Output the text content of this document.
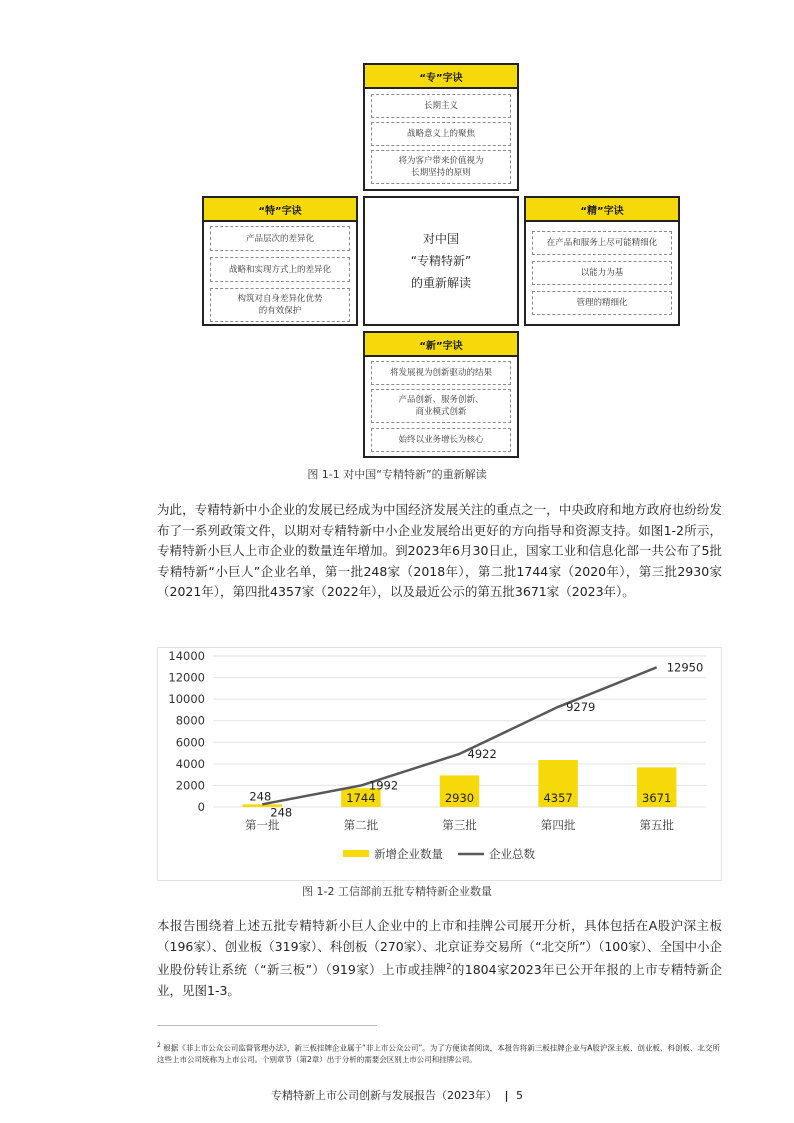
“专”字诀
长期主义
战略意义上的聚焦
将为客户带来价值视为
长期坚持的原则
“特”字诀
产品层次的差异化
战略和实现方式上的差异化
构筑对自身差异化优势
的有效保护
对中国
“专精特新”
的重新解读
“精”字诀
在产品和服务上尽可能精细化
以能力为基
管理的精细化
“新”字诀
将发展视为创新驱动的结果
产品创新、服务创新、
商业模式创新
始终以业务增长为核心
图 1-1 对中国“专精特新”的重新解读
为此，专精特新中小企业的发展已经成为中国经济发展关注的重点之一，中央政府和地方政府也纷纷发布了一系列政策文件，以期对专精特新中小企业发展给出更好的方向指导和资源支持。如图1-2所示，专精特新小巨人上市企业的数量连年增加。到2023年6月30日止，国家工业和信息化部一共公布了5批专精特新“小巨人”企业名单，第一批248家（2018年），第二批1744家（2020年），第三批2930家（2021年），第四批4357家（2022年），以及最近公示的第五批3671家（2023年）。
0
2000
4000
6000
8000
10000
12000
14000
248	1744	2930	4357	3671
248
1992
4922
9279
12950
第一批	第二批	第三批	第四批	第五批
新增企业数量	企业总数
图 1-2 工信部前五批专精特新企业数量
本报告围绕着上述五批专精特新小巨人企业中的上市和挂牌公司展开分析，具体包括在A股沪深主板（196家）、创业板（319家）、科创板（270家）、北京证券交易所（“北交所”）（100家）、全国中小企业股份转让系统（“新三板”）（919家）上市或挂牌$^2$的1804家2023年已公开年报的上市专精特新企业，见图1-3。
$^2$ 根据《非上市公众公司监督管理办法》，新三板挂牌企业属于“非上市公众公司”。为了方便读者阅读，本报告将新三板挂牌企业与A股沪深主板、创业板、科创板、北交所这些上市公司统称为上市公司。个别章节（第2章）出于分析的需要会区别上市公司和挂牌公司。
专精特新上市公司创新与发展报告（2023年） | 5
